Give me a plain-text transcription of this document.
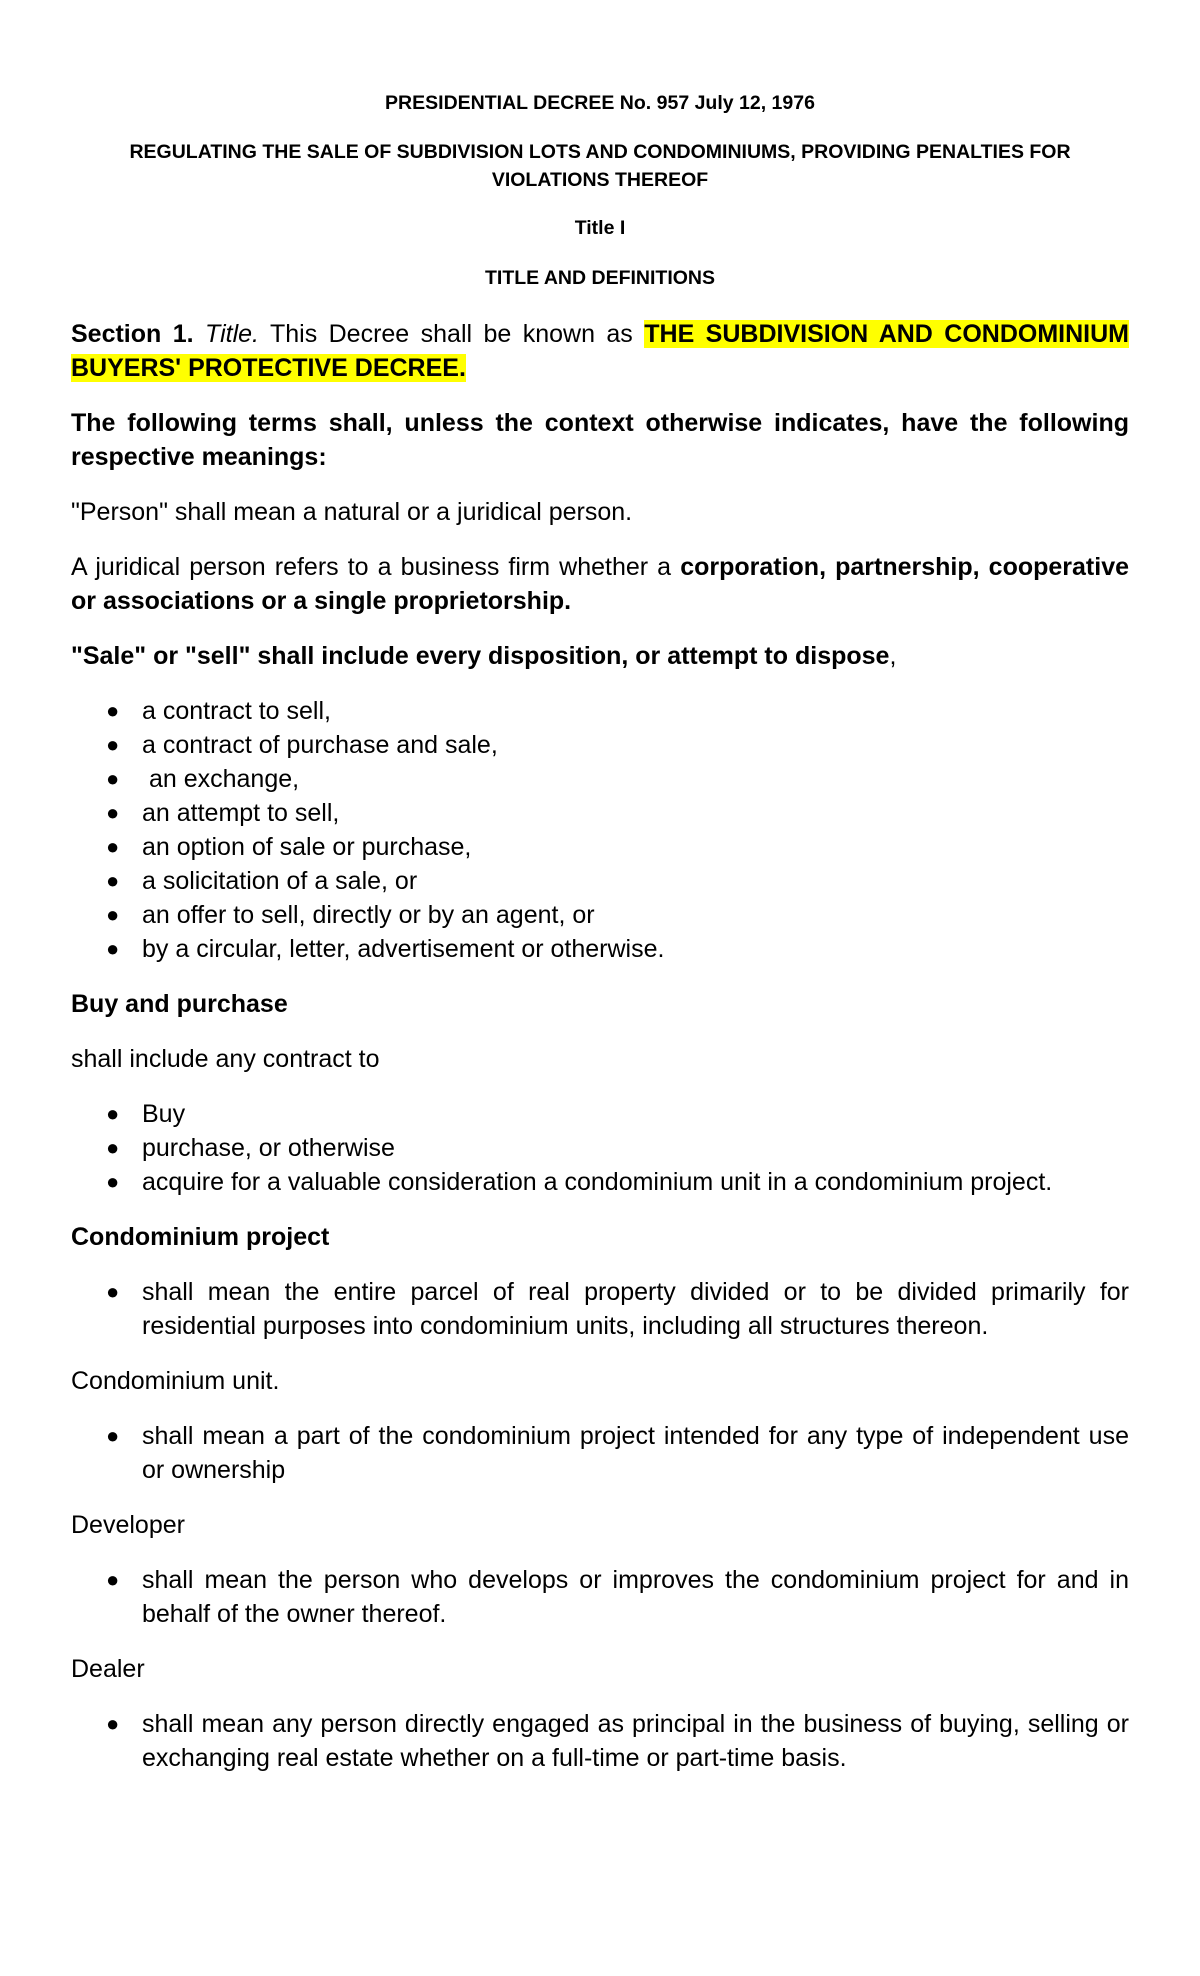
PRESIDENTIAL DECREE No. 957 July 12, 1976

REGULATING THE SALE OF SUBDIVISION LOTS AND CONDOMINIUMS, PROVIDING PENALTIES FOR VIOLATIONS THEREOF

Title I

TITLE AND DEFINITIONS

Section 1. Title. This Decree shall be known as THE SUBDIVISION AND CONDOMINIUM BUYERS' PROTECTIVE DECREE.

The following terms shall, unless the context otherwise indicates, have the following respective meanings:

"Person" shall mean a natural or a juridical person.

A juridical person refers to a business firm whether a corporation, partnership, cooperative or associations or a single proprietorship.

"Sale" or "sell" shall include every disposition, or attempt to dispose,

● a contract to sell,
● a contract of purchase and sale,
● an exchange,
● an attempt to sell,
● an option of sale or purchase,
● a solicitation of a sale, or
● an offer to sell, directly or by an agent, or
● by a circular, letter, advertisement or otherwise.

Buy and purchase

shall include any contract to

● Buy
● purchase, or otherwise
● acquire for a valuable consideration a condominium unit in a condominium project.

Condominium project

● shall mean the entire parcel of real property divided or to be divided primarily for residential purposes into condominium units, including all structures thereon.

Condominium unit.

● shall mean a part of the condominium project intended for any type of independent use or ownership

Developer

● shall mean the person who develops or improves the condominium project for and in behalf of the owner thereof.

Dealer

● shall mean any person directly engaged as principal in the business of buying, selling or exchanging real estate whether on a full-time or part-time basis.
